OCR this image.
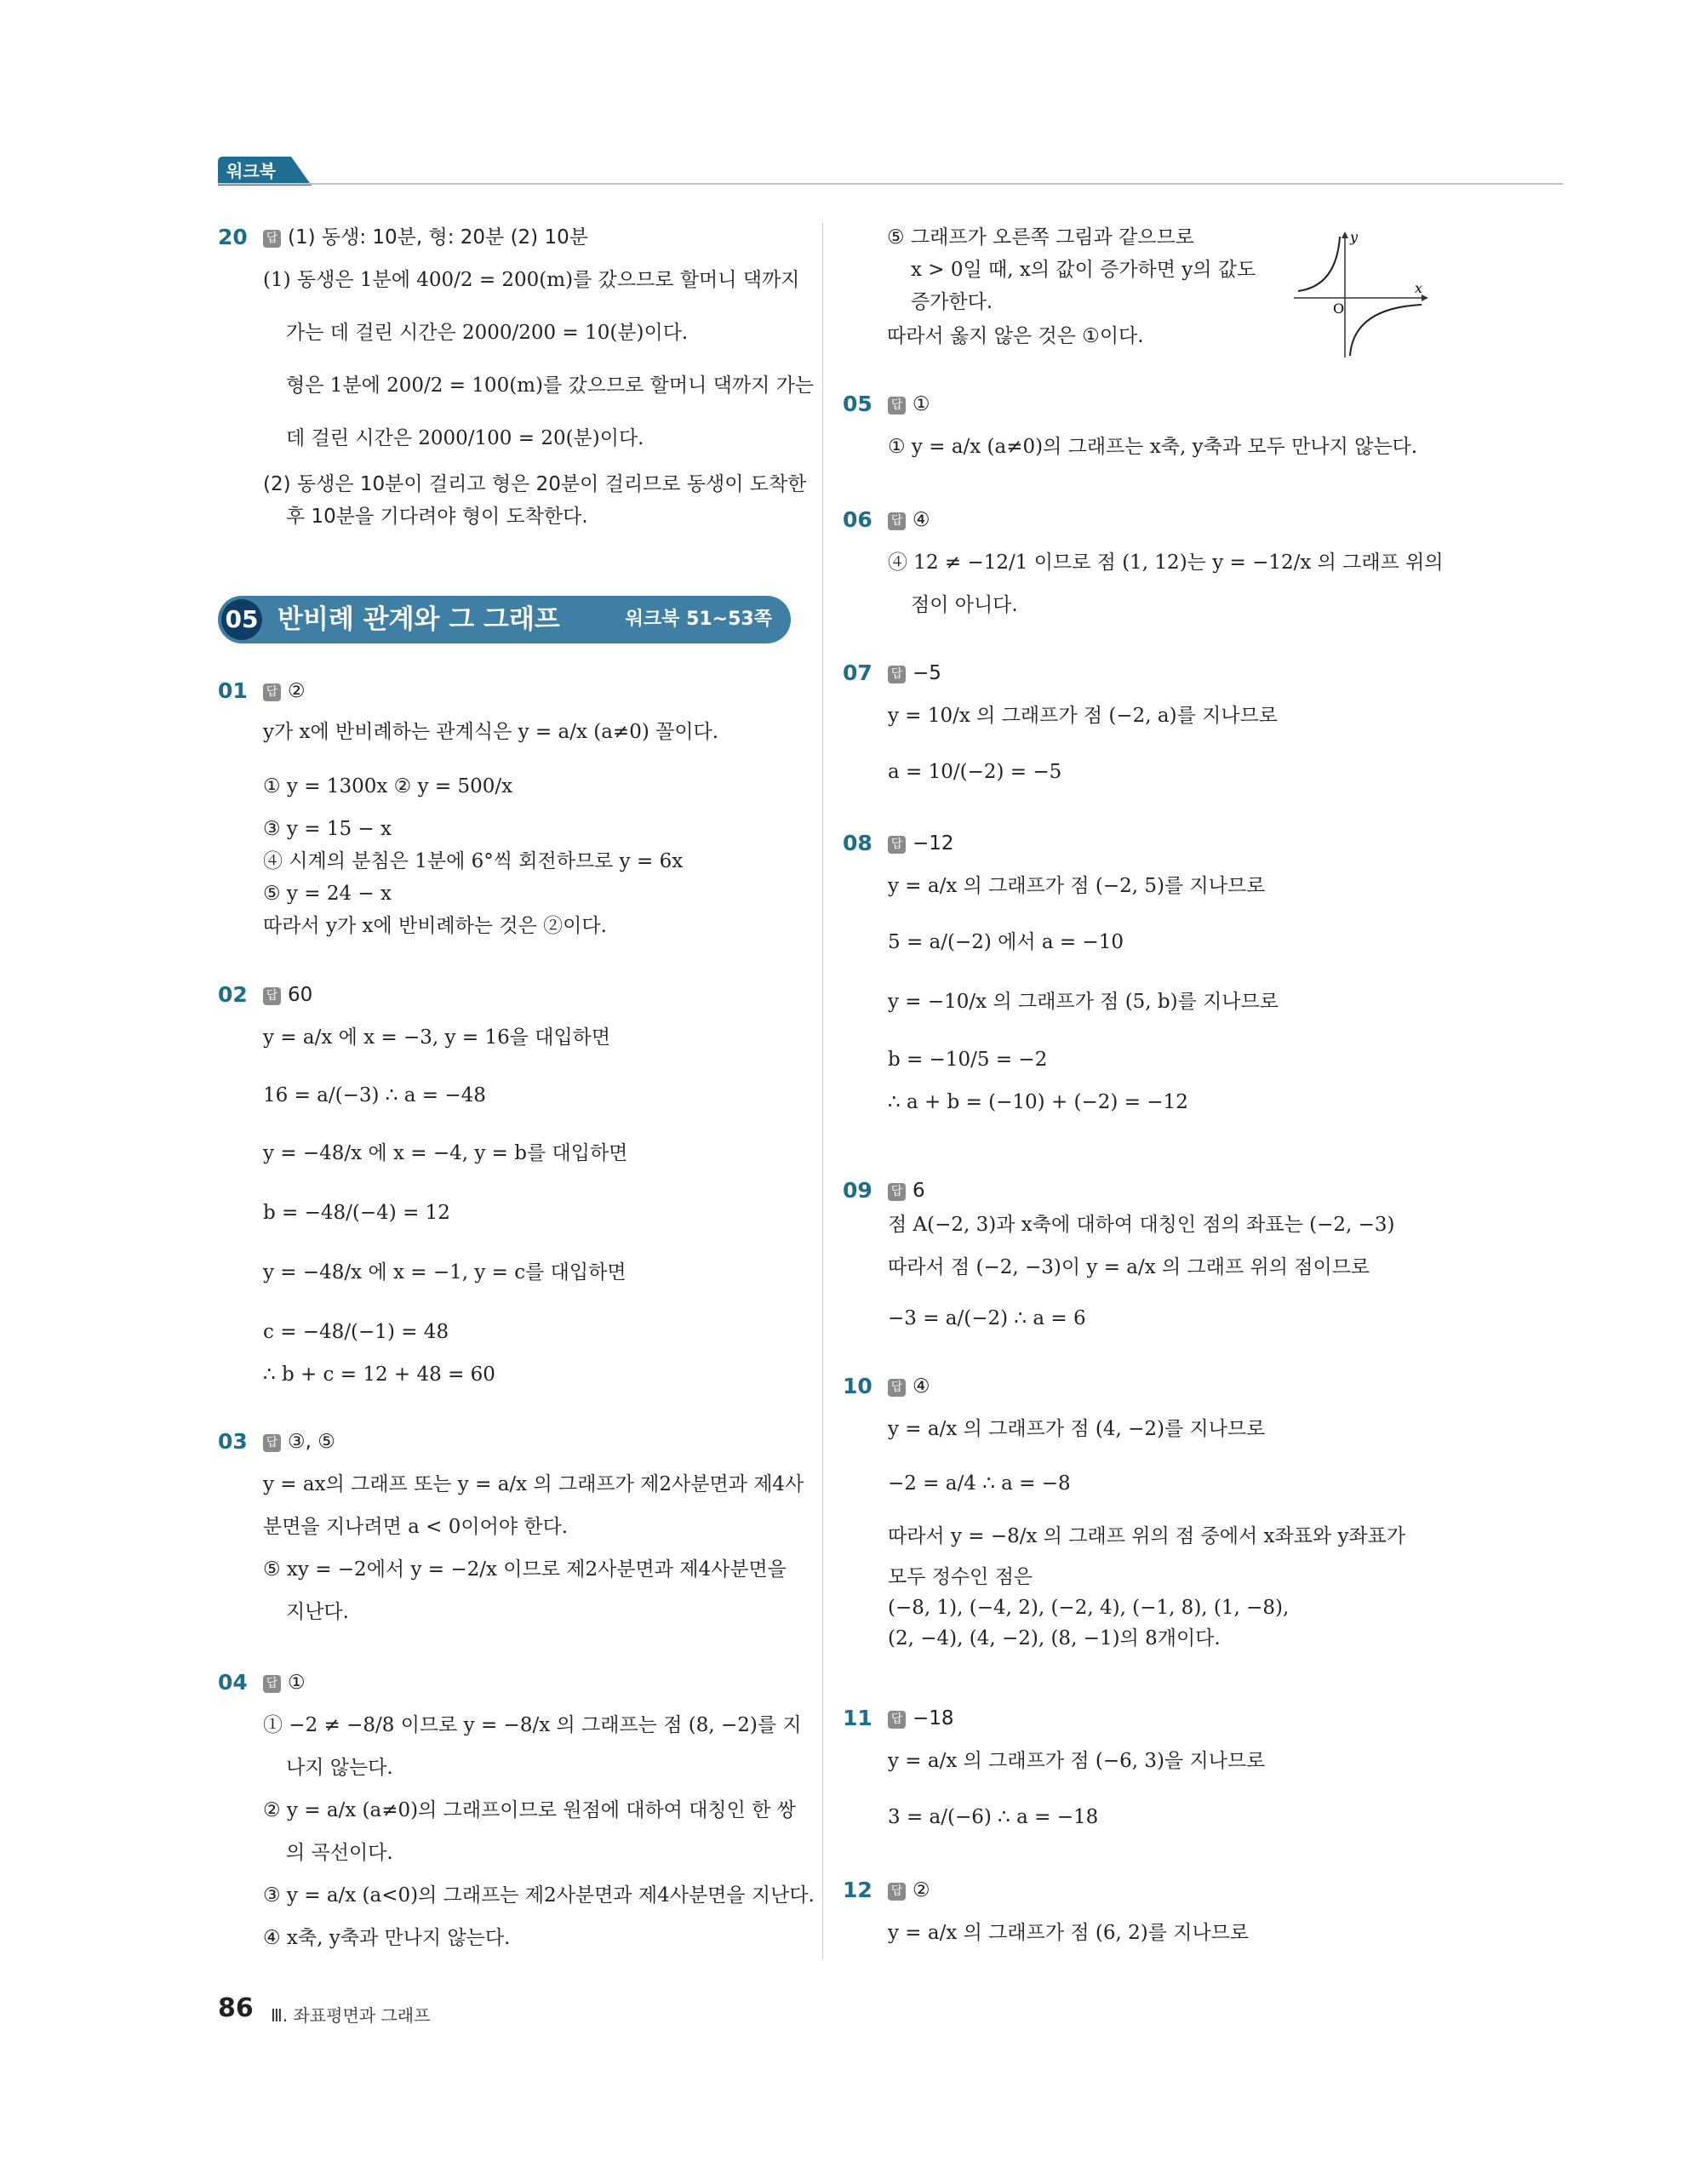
워크북
20 답 (1) 동생: 10분, 형: 20분 (2) 10분
(1) 동생은 1분에 400/2 = 200(m)를 갔으므로 할머니 댁까지
가는 데 걸린 시간은 2000/200 = 10(분)이다.
형은 1분에 200/2 = 100(m)를 갔으므로 할머니 댁까지 가는
데 걸린 시간은 2000/100 = 20(분)이다.
(2) 동생은 10분이 걸리고 형은 20분이 걸리므로 동생이 도착한
후 10분을 기다려야 형이 도착한다.
05 반비례 관계와 그 그래프	워크북 51~53쪽
01 답 ②
y가 x에 반비례하는 관계식은 y = a/x (a≠0) 꼴이다.
① y = 1300x ② y = 500/x
③ y = 15 − x
④ 시계의 분침은 1분에 6°씩 회전하므로 y = 6x
⑤ y = 24 − x
따라서 y가 x에 반비례하는 것은 ②이다.
02 답 60
y = a/x 에 x = −3, y = 16을 대입하면
16 = a/(−3) ∴ a = −48
y = −48/x 에 x = −4, y = b를 대입하면
b = −48/(−4) = 12
y = −48/x 에 x = −1, y = c를 대입하면
c = −48/(−1) = 48
∴ b + c = 12 + 48 = 60
03 답 ③, ⑤
y = ax의 그래프 또는 y = a/x 의 그래프가 제2사분면과 제4사
분면을 지나려면 a < 0이어야 한다.
⑤ xy = −2에서 y = −2/x 이므로 제2사분면과 제4사분면을
지난다.
04 답 ①
① −2 ≠ −8/8 이므로 y = −8/x 의 그래프는 점 (8, −2)를 지
나지 않는다.
② y = a/x (a≠0)의 그래프이므로 원점에 대하여 대칭인 한 쌍
의 곡선이다.
③ y = a/x (a<0)의 그래프는 제2사분면과 제4사분면을 지난다.
④ x축, y축과 만나지 않는다.
⑤ 그래프가 오른쪽 그림과 같으므로
x > 0일 때, x의 값이 증가하면 y의 값도
증가한다.
따라서 옳지 않은 것은 ①이다.
05 답 ①
① y = a/x (a≠0)의 그래프는 x축, y축과 모두 만나지 않는다.
06 답 ④
④ 12 ≠ −12/1 이므로 점 (1, 12)는 y = −12/x 의 그래프 위의
점이 아니다.
07 답 −5
y = 10/x 의 그래프가 점 (−2, a)를 지나므로
a = 10/(−2) = −5
08 답 −12
y = a/x 의 그래프가 점 (−2, 5)를 지나므로
5 = a/(−2) 에서 a = −10
y = −10/x 의 그래프가 점 (5, b)를 지나므로
b = −10/5 = −2
∴ a + b = (−10) + (−2) = −12
09 답 6
점 A(−2, 3)과 x축에 대하여 대칭인 점의 좌표는 (−2, −3)
따라서 점 (−2, −3)이 y = a/x 의 그래프 위의 점이므로
−3 = a/(−2) ∴ a = 6
10 답 ④
y = a/x 의 그래프가 점 (4, −2)를 지나므로
−2 = a/4 ∴ a = −8
따라서 y = −8/x 의 그래프 위의 점 중에서 x좌표와 y좌표가
모두 정수인 점은
(−8, 1), (−4, 2), (−2, 4), (−1, 8), (1, −8),
(2, −4), (4, −2), (8, −1)의 8개이다.
11 답 −18
y = a/x 의 그래프가 점 (−6, 3)을 지나므로
3 = a/(−6) ∴ a = −18
12 답 ②
y = a/x 의 그래프가 점 (6, 2)를 지나므로
y
x
O
86 Ⅲ. 좌표평면과 그래프
